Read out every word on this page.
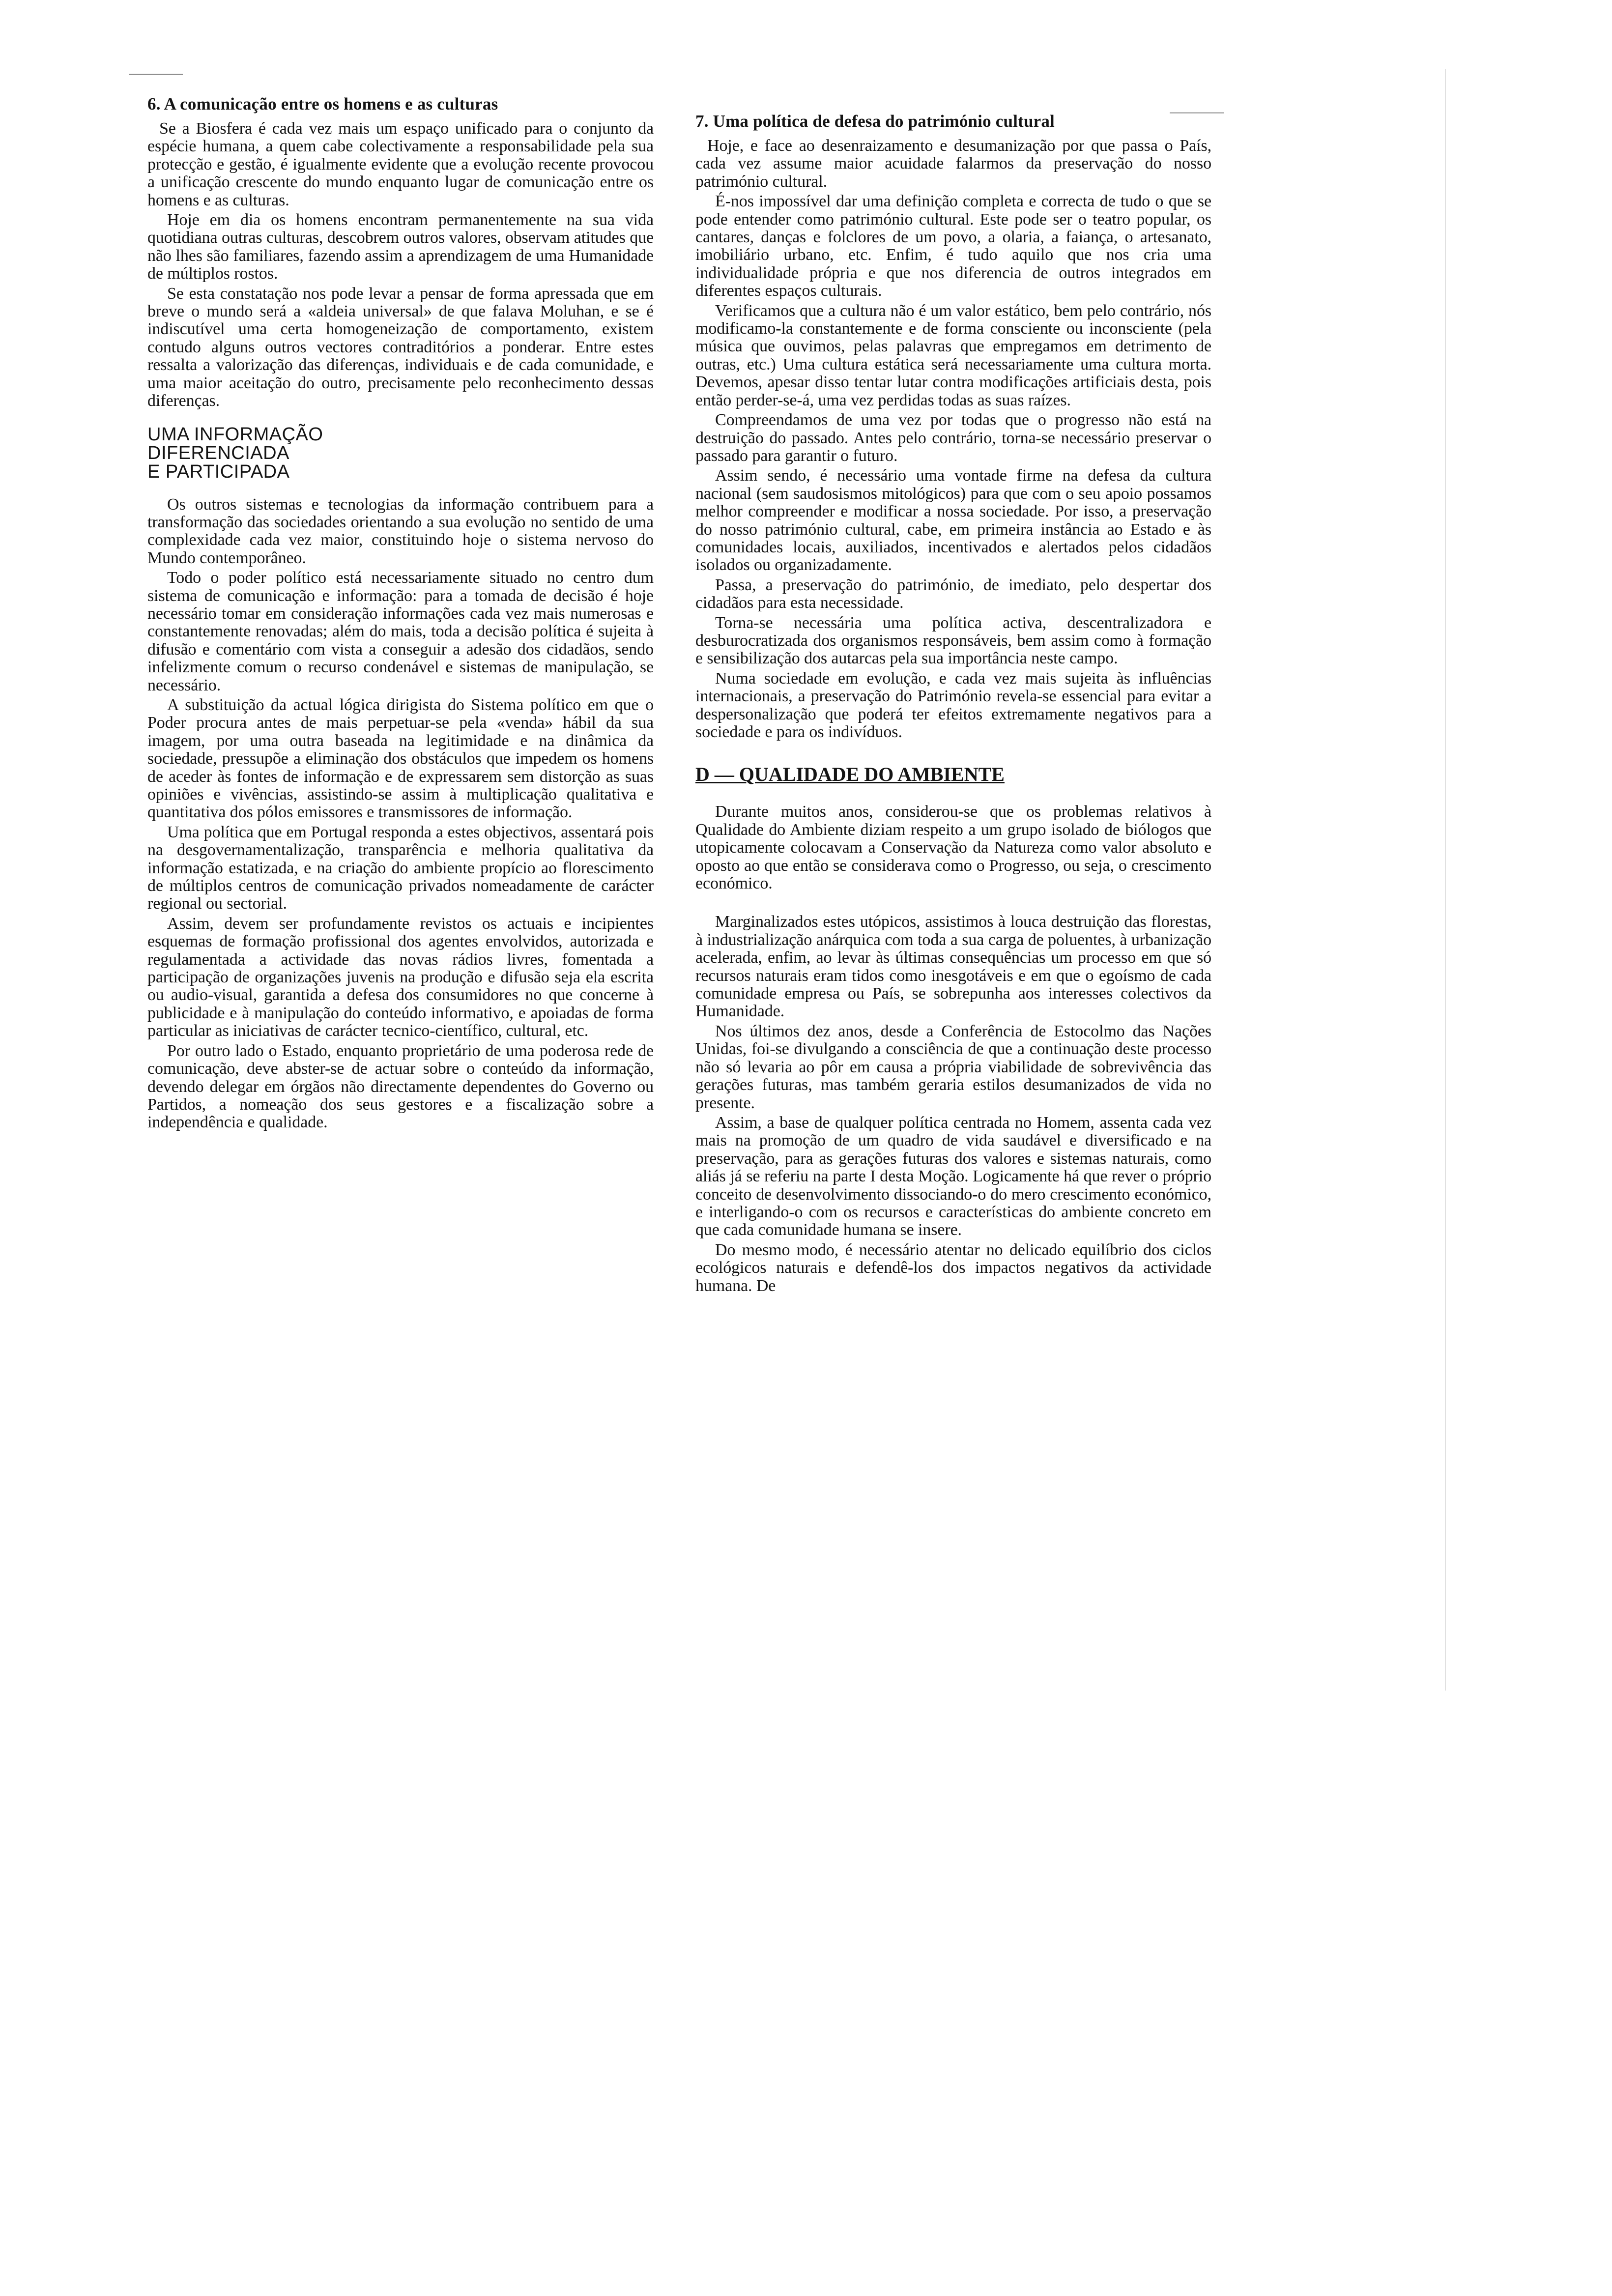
6. A comunicação entre os homens e as culturas

Se a Biosfera é cada vez mais um espaço unificado para o conjunto da espécie humana, a quem cabe colectivamente a responsabilidade pela sua protecção e gestão, é igualmente evidente que a evolução recente provocou a unificação crescente do mundo enquanto lugar de comunicação entre os homens e as culturas.

Hoje em dia os homens encontram permanentemente na sua vida quotidiana outras culturas, descobrem outros valores, observam atitudes que não lhes são familiares, fazendo assim a aprendizagem de uma Humanidade de múltiplos rostos.

Se esta constatação nos pode levar a pensar de forma apressada que em breve o mundo será a «aldeia universal» de que falava Moluhan, e se é indiscutível uma certa homogeneização de comportamento, existem contudo alguns outros vectores contraditórios a ponderar. Entre estes ressalta a valorização das diferenças, individuais e de cada comunidade, e uma maior aceitação do outro, precisamente pelo reconhecimento dessas diferenças.

UMA INFORMAÇÃO
DIFERENCIADA
E PARTICIPADA

Os outros sistemas e tecnologias da informação contribuem para a transformação das sociedades orientando a sua evolução no sentido de uma complexidade cada vez maior, constituindo hoje o sistema nervoso do Mundo contemporâneo.

Todo o poder político está necessariamente situado no centro dum sistema de comunicação e informação: para a tomada de decisão é hoje necessário tomar em consideração informações cada vez mais numerosas e constantemente renovadas; além do mais, toda a decisão política é sujeita à difusão e comentário com vista a conseguir a adesão dos cidadãos, sendo infelizmente comum o recurso condenável e sistemas de manipulação, se necessário.

A substituição da actual lógica dirigista do Sistema político em que o Poder procura antes de mais perpetuar-se pela «venda» hábil da sua imagem, por uma outra baseada na legitimidade e na dinâmica da sociedade, pressupõe a eliminação dos obstáculos que impedem os homens de aceder às fontes de informação e de expressarem sem distorção as suas opiniões e vivências, assistindo-se assim à multiplicação qualitativa e quantitativa dos pólos emissores e transmissores de informação.

Uma política que em Portugal responda a estes objectivos, assentará pois na desgovernamentalização, transparência e melhoria qualitativa da informação estatizada, e na criação do ambiente propício ao florescimento de múltiplos centros de comunicação privados nomeadamente de carácter regional ou sectorial.

Assim, devem ser profundamente revistos os actuais e incipientes esquemas de formação profissional dos agentes envolvidos, autorizada e regulamentada a actividade das novas rádios livres, fomentada a participação de organizações juvenis na produção e difusão seja ela escrita ou audio-visual, garantida a defesa dos consumidores no que concerne à publicidade e à manipulação do conteúdo informativo, e apoiadas de forma particular as iniciativas de carácter tecnico-científico, cultural, etc.

Por outro lado o Estado, enquanto proprietário de uma poderosa rede de comunicação, deve abster-se de actuar sobre o conteúdo da informação, devendo delegar em órgãos não directamente dependentes do Governo ou Partidos, a nomeação dos seus gestores e a fiscalização sobre a independência e qualidade.

7. Uma política de defesa do património cultural

Hoje, e face ao desenraizamento e desumanização por que passa o País, cada vez assume maior acuidade falarmos da preservação do nosso património cultural.

É-nos impossível dar uma definição completa e correcta de tudo o que se pode entender como património cultural. Este pode ser o teatro popular, os cantares, danças e folclores de um povo, a olaria, a faiança, o artesanato, imobiliário urbano, etc. Enfim, é tudo aquilo que nos cria uma individualidade própria e que nos diferencia de outros integrados em diferentes espaços culturais.

Verificamos que a cultura não é um valor estático, bem pelo contrário, nós modificamo-la constantemente e de forma consciente ou inconsciente (pela música que ouvimos, pelas palavras que empregamos em detrimento de outras, etc.) Uma cultura estática será necessariamente uma cultura morta. Devemos, apesar disso tentar lutar contra modificações artificiais desta, pois então perder-se-á, uma vez perdidas todas as suas raízes.

Compreendamos de uma vez por todas que o progresso não está na destruição do passado. Antes pelo contrário, torna-se necessário preservar o passado para garantir o futuro.

Assim sendo, é necessário uma vontade firme na defesa da cultura nacional (sem saudosismos mitológicos) para que com o seu apoio possamos melhor compreender e modificar a nossa sociedade. Por isso, a preservação do nosso património cultural, cabe, em primeira instância ao Estado e às comunidades locais, auxiliados, incentivados e alertados pelos cidadãos isolados ou organizadamente.

Passa, a preservação do património, de imediato, pelo despertar dos cidadãos para esta necessidade.

Torna-se necessária uma política activa, descentralizadora e desburocratizada dos organismos responsáveis, bem assim como à formação e sensibilização dos autarcas pela sua importância neste campo.

Numa sociedade em evolução, e cada vez mais sujeita às influências internacionais, a preservação do Património revela-se essencial para evitar a despersonalização que poderá ter efeitos extremamente negativos para a sociedade e para os indivíduos.

D — QUALIDADE DO AMBIENTE

Durante muitos anos, considerou-se que os problemas relativos à Qualidade do Ambiente diziam respeito a um grupo isolado de biólogos que utopicamente colocavam a Conservação da Natureza como valor absoluto e oposto ao que então se considerava como o Progresso, ou seja, o crescimento económico.

Marginalizados estes utópicos, assistimos à louca destruição das florestas, à industrialização anárquica com toda a sua carga de poluentes, à urbanização acelerada, enfim, ao levar às últimas consequências um processo em que só recursos naturais eram tidos como inesgotáveis e em que o egoísmo de cada comunidade empresa ou País, se sobrepunha aos interesses colectivos da Humanidade.

Nos últimos dez anos, desde a Conferência de Estocolmo das Nações Unidas, foi-se divulgando a consciência de que a continuação deste processo não só levaria ao pôr em causa a própria viabilidade de sobrevivência das gerações futuras, mas também geraria estilos desumanizados de vida no presente.

Assim, a base de qualquer política centrada no Homem, assenta cada vez mais na promoção de um quadro de vida saudável e diversificado e na preservação, para as gerações futuras dos valores e sistemas naturais, como aliás já se referiu na parte I desta Moção. Logicamente há que rever o próprio conceito de desenvolvimento dissociando-o do mero crescimento económico, e interligando-o com os recursos e características do ambiente concreto em que cada comunidade humana se insere.

Do mesmo modo, é necessário atentar no delicado equilíbrio dos ciclos ecológicos naturais e defendê-los dos impactos negativos da actividade humana. De
